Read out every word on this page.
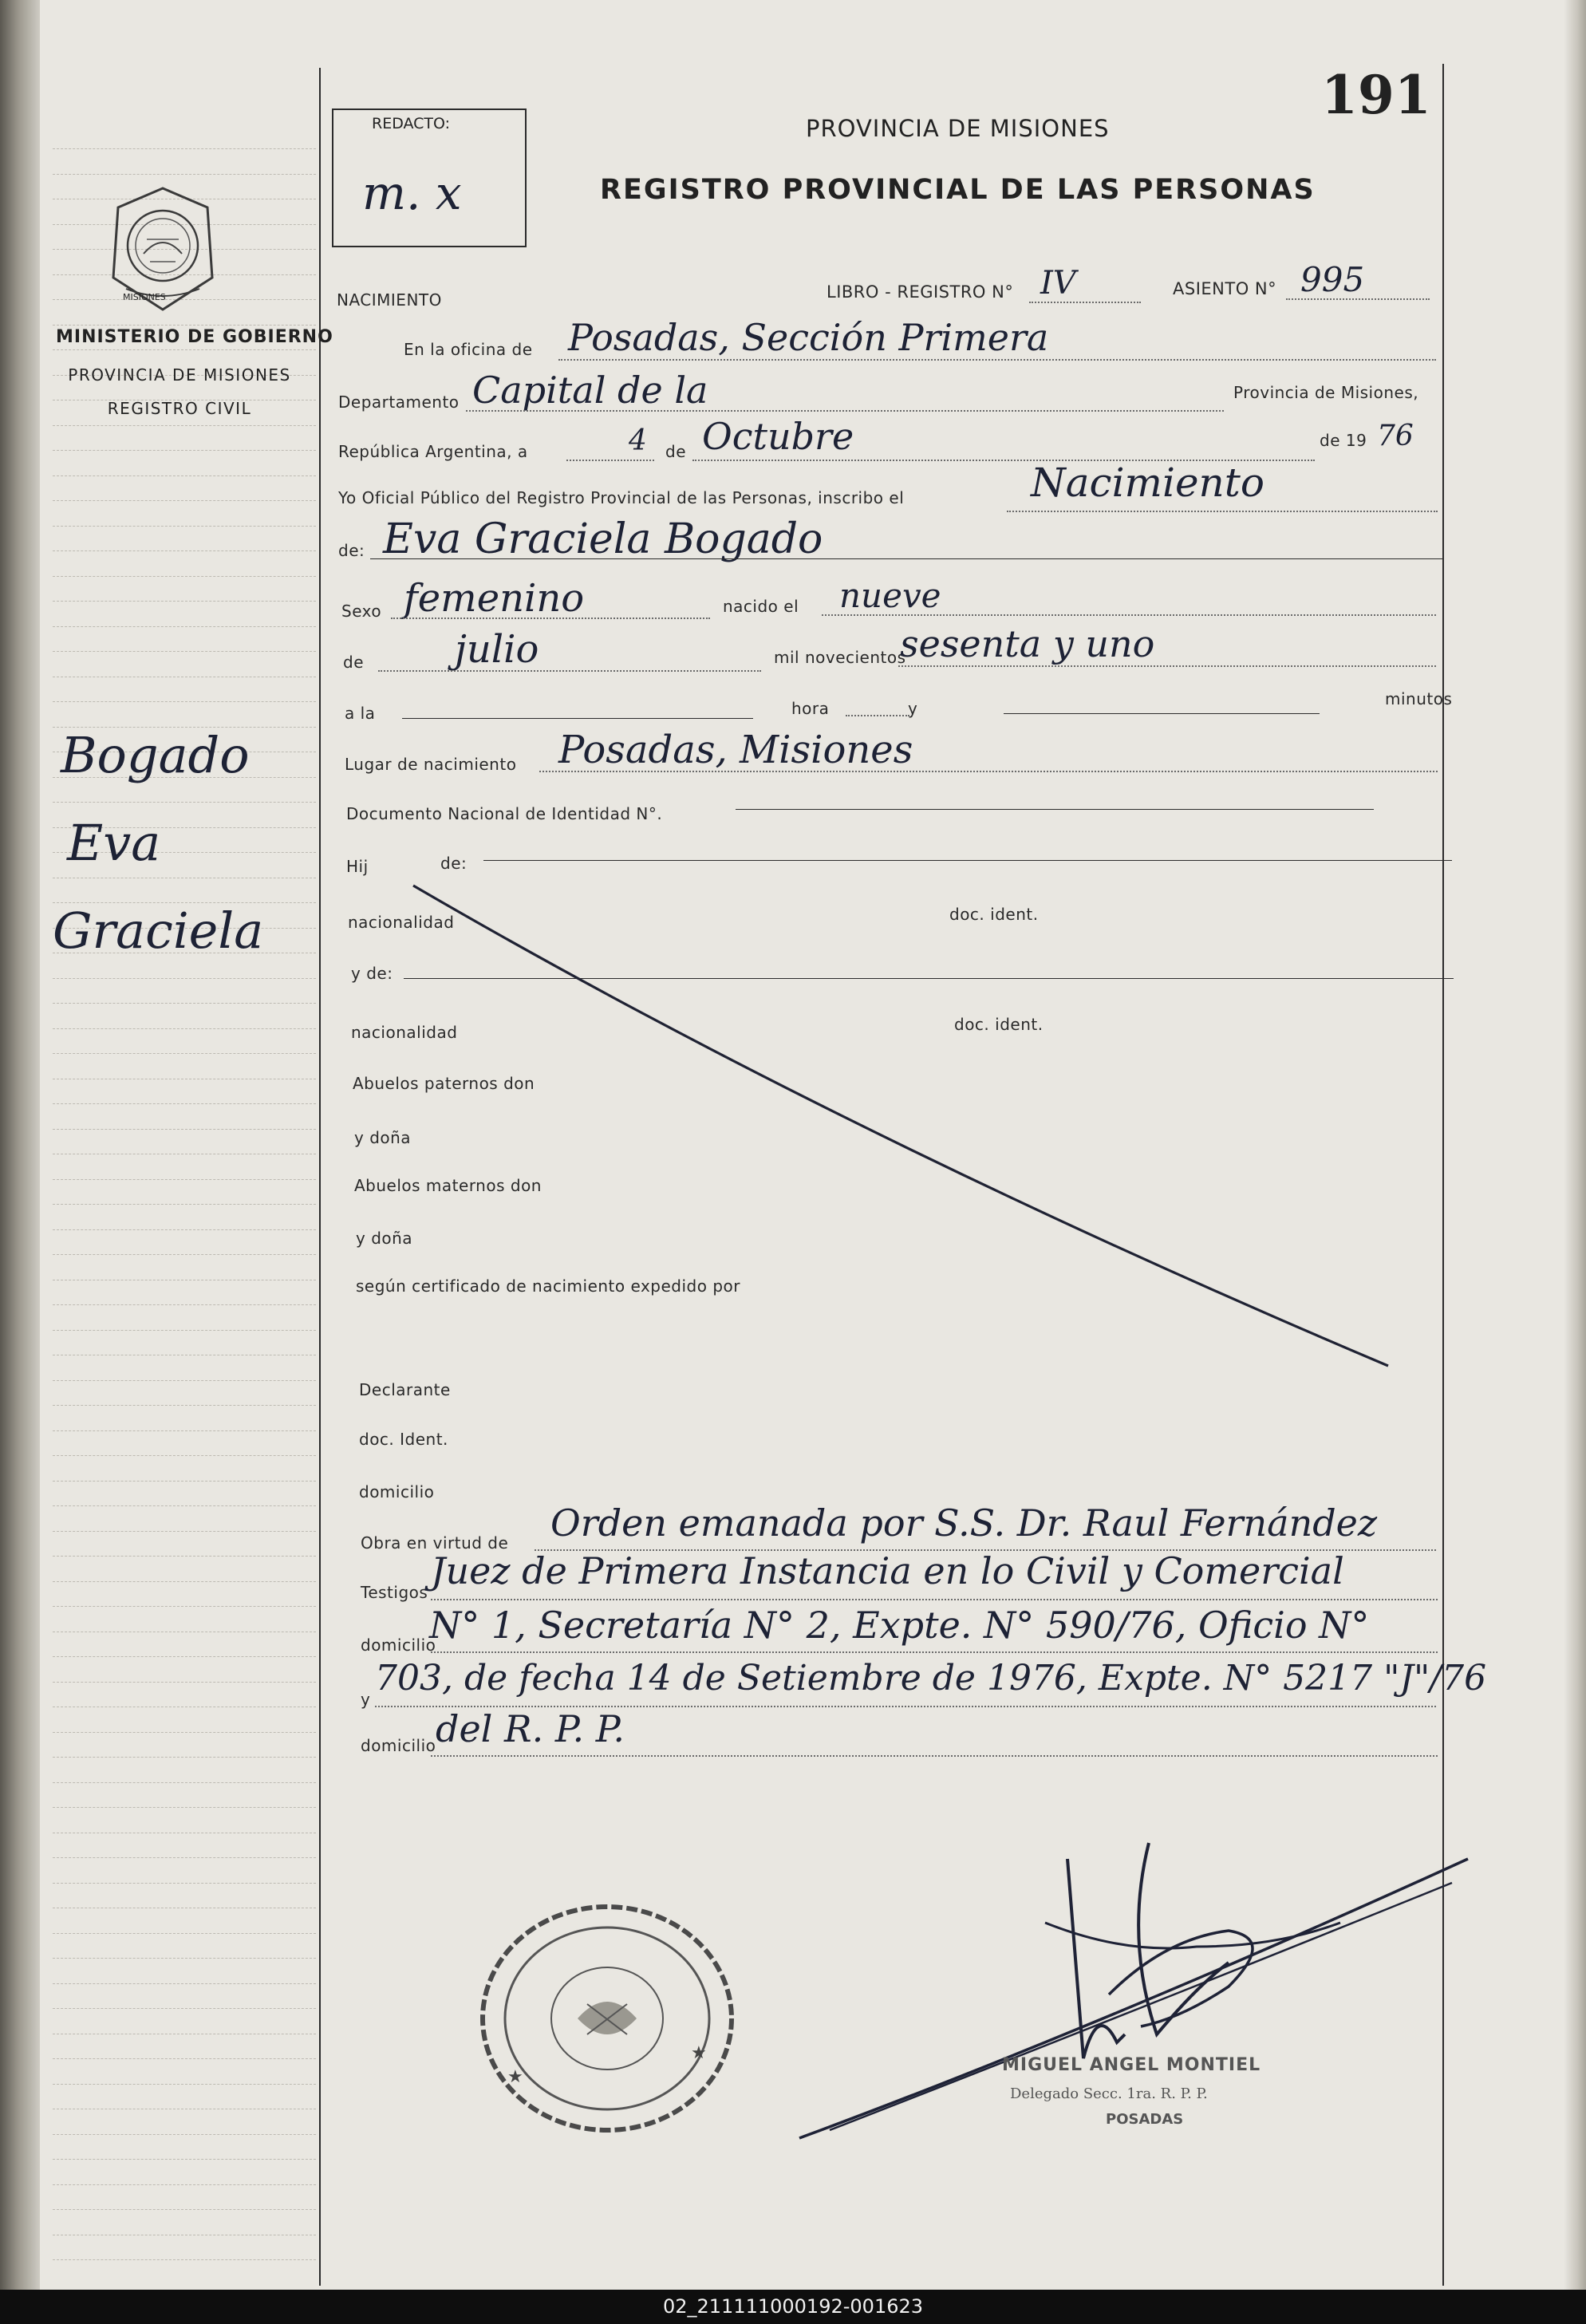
MISIONES
MINISTERIO DE GOBIERNO
PROVINCIA DE MISIONES
REGISTRO CIVIL
Bogado
Eva
Graciela
REDACTO:
m. x
PROVINCIA DE MISIONES
REGISTRO PROVINCIAL DE LAS PERSONAS
191
NACIMIENTO	LIBRO - REGISTRO N° IV	ASIENTO N° 995
En la oficina de Posadas, Sección Primera
Departamento Capital de la	Provincia de Misiones,
República Argentina, a	4 de Octubre	de 19 76
Yo Oficial Público del Registro Provincial de las Personas, inscribo el	Nacimiento
de: Eva Graciela Bogado
Sexo femenino	nacido el nueve
de julio	mil novecientos
sesenta y uno
a la	hora	y	minutos
Lugar de nacimiento Posadas, Misiones
Documento Nacional de Identidad N°.
Hij	de:
nacionalidad	doc. ident.
y de:
nacionalidad	doc. ident.
Abuelos paternos don
y doña
Abuelos maternos don
y doña
según certificado de nacimiento expedido por
Declarante
doc. Ident.
domicilio
Obra en virtud de Orden emanada por S.S. Dr. Raul Fernández
Testigos Juez de Primera Instancia en lo Civil y Comercial
domicilio
N° 1, Secretaría N° 2, Expte. N° 590/76, Oficio N°
y
703, de fecha 14 de Setiembre de 1976, Expte. N° 5217 "J"/76
domicilio del R. P. P.
★
★
MIGUEL ANGEL MONTIEL
Delegado Secc. 1ra. R. P. P.
POSADAS
02_211111000192-001623
